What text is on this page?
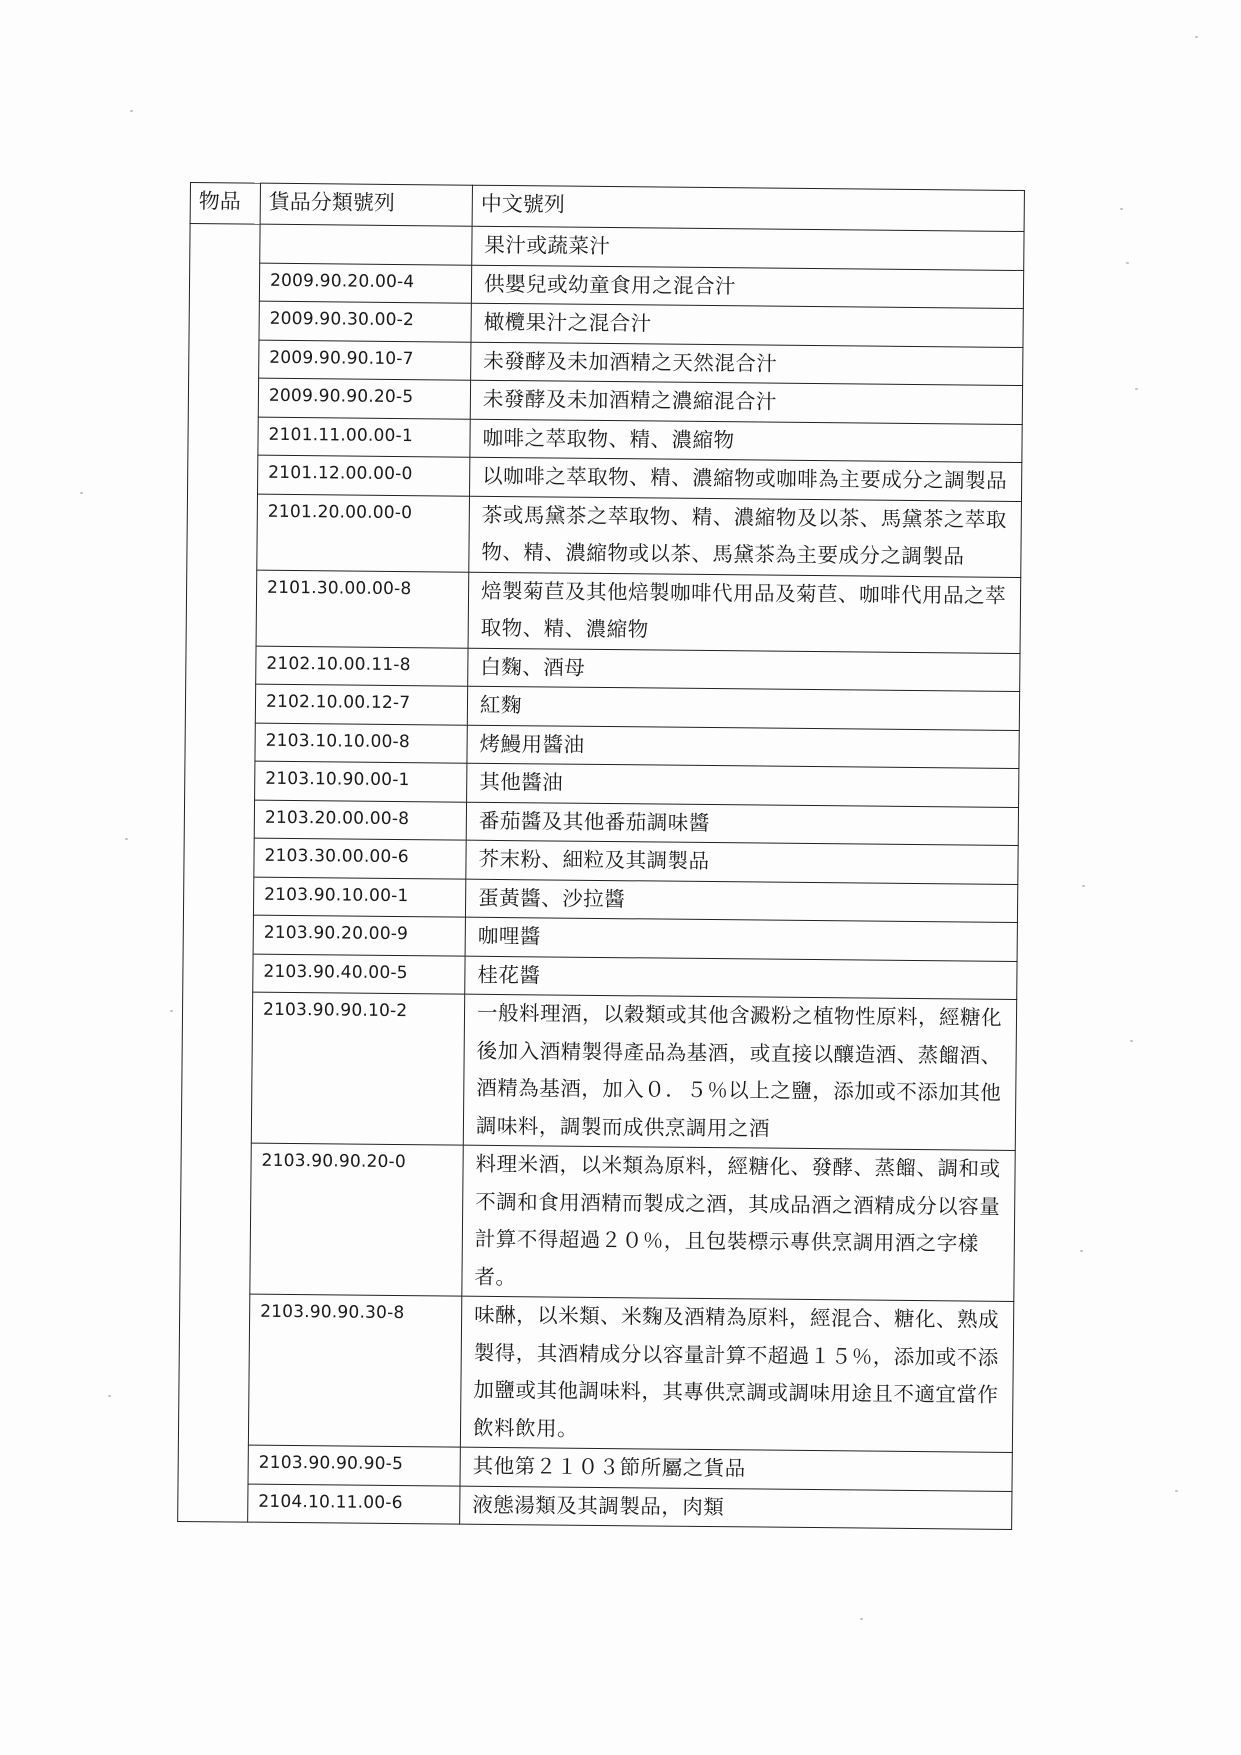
物品	貨品分類號列	中文號列
		果汁或蔬菜汁
	2009.90.20.00-4	供嬰兒或幼童食用之混合汁
	2009.90.30.00-2	橄欖果汁之混合汁
	2009.90.90.10-7	未發酵及未加酒精之天然混合汁
	2009.90.90.20-5	未發酵及未加酒精之濃縮混合汁
	2101.11.00.00-1	咖啡之萃取物、精、濃縮物
	2101.12.00.00-0	以咖啡之萃取物、精、濃縮物或咖啡為主要成分之調製品
	2101.20.00.00-0	茶或馬黛茶之萃取物、精、濃縮物及以茶、馬黛茶之萃取物、精、濃縮物或以茶、馬黛茶為主要成分之調製品
	2101.30.00.00-8	焙製菊苣及其他焙製咖啡代用品及菊苣、咖啡代用品之萃取物、精、濃縮物
	2102.10.00.11-8	白麴、酒母
	2102.10.00.12-7	紅麴
	2103.10.10.00-8	烤鰻用醬油
	2103.10.90.00-1	其他醬油
	2103.20.00.00-8	番茄醬及其他番茄調味醬
	2103.30.00.00-6	芥末粉、細粒及其調製品
	2103.90.10.00-1	蛋黃醬、沙拉醬
	2103.90.20.00-9	咖哩醬
	2103.90.40.00-5	桂花醬
	2103.90.90.10-2	一般料理酒，以穀類或其他含澱粉之植物性原料，經糖化後加入酒精製得產品為基酒，或直接以釀造酒、蒸餾酒、酒精為基酒，加入０．５％以上之鹽，添加或不添加其他調味料，調製而成供烹調用之酒
	2103.90.90.20-0	料理米酒，以米類為原料，經糖化、發酵、蒸餾、調和或不調和食用酒精而製成之酒，其成品酒之酒精成分以容量計算不得超過２０％，且包裝標示專供烹調用酒之字樣者。
	2103.90.90.30-8	味醂，以米類、米麴及酒精為原料，經混合、糖化、熟成製得，其酒精成分以容量計算不超過１５％，添加或不添加鹽或其他調味料，其專供烹調或調味用途且不適宜當作飲料飲用。
	2103.90.90.90-5	其他第２１０３節所屬之貨品
	2104.10.11.00-6	液態湯類及其調製品，肉類
